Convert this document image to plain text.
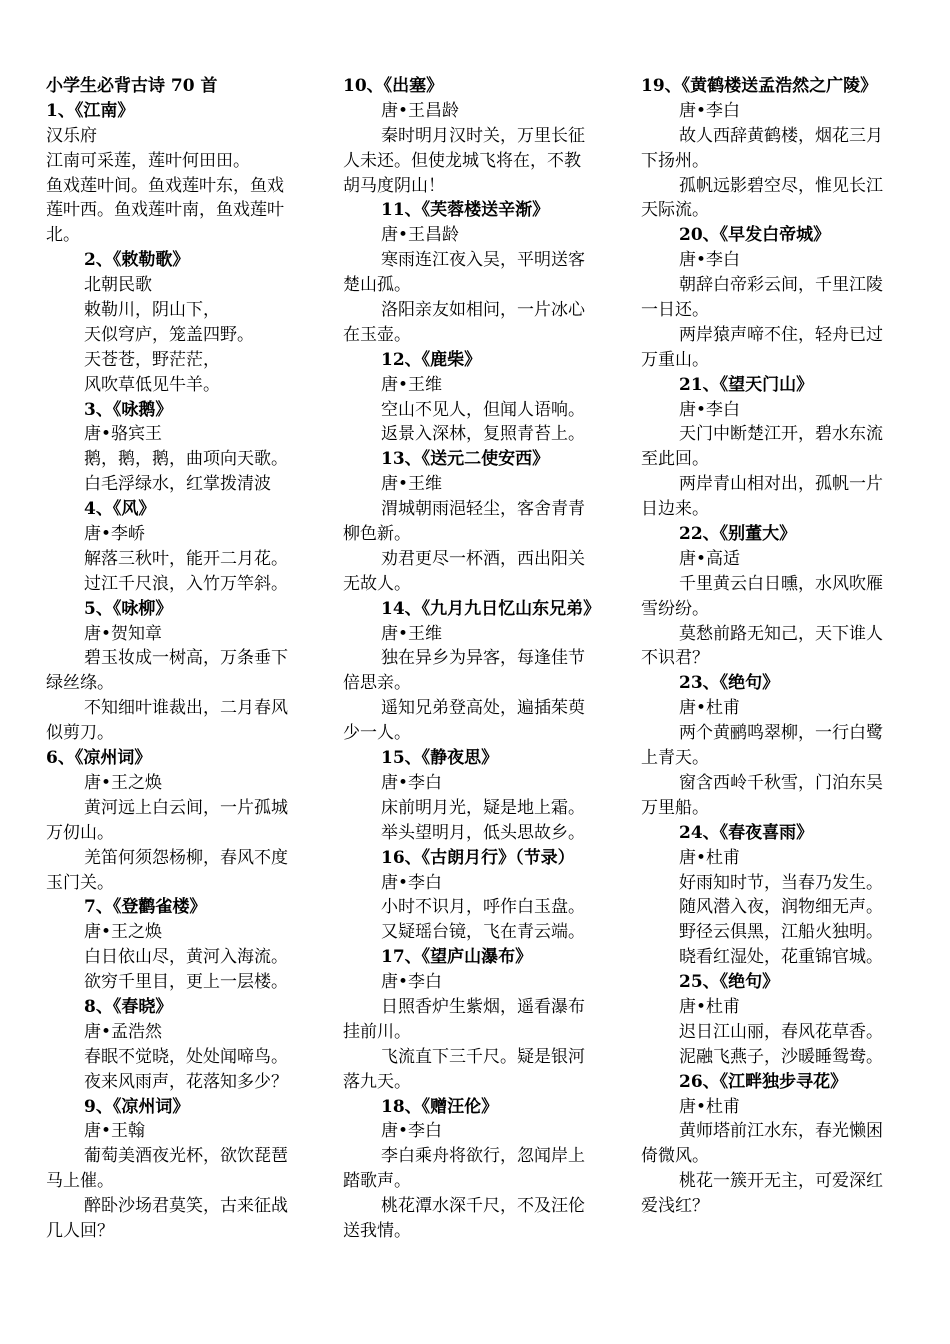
小学生必背古诗 70 首
1、《江南》
汉乐府
江南可采莲，莲叶何田田。
鱼戏莲叶间。鱼戏莲叶东，鱼戏
莲叶西。鱼戏莲叶南，鱼戏莲叶
北。
2、《敕勒歌》
北朝民歌
敕勒川，阴山下，
天似穹庐，笼盖四野。
天苍苍，野茫茫，
风吹草低见牛羊。
3、《咏鹅》
唐•骆宾王
鹅，鹅，鹅，曲项向天歌。
白毛浮绿水，红掌拨清波
4、《风》
唐•李峤
解落三秋叶，能开二月花。
过江千尺浪，入竹万竿斜。
5、《咏柳》
唐•贺知章
碧玉妆成一树高，万条垂下
绿丝绦。
不知细叶谁裁出，二月春风
似剪刀。
6、《凉州词》
唐•王之焕
黄河远上白云间，一片孤城
万仞山。
羌笛何须怨杨柳，春风不度
玉门关。
7、《登鹳雀楼》
唐•王之焕
白日依山尽，黄河入海流。
欲穷千里目，更上一层楼。
8、《春晓》
唐•孟浩然
春眠不觉晓，处处闻啼鸟。
夜来风雨声，花落知多少？
9、《凉州词》
唐•王翰
葡萄美酒夜光杯，欲饮琵琶
马上催。
醉卧沙场君莫笑，古来征战
几人回？
10、《出塞》
唐•王昌龄
秦时明月汉时关，万里长征
人未还。但使龙城飞将在，不教
胡马度阴山！
11、《芙蓉楼送辛渐》
唐•王昌龄
寒雨连江夜入吴，平明送客
楚山孤。
洛阳亲友如相问，一片冰心
在玉壶。
12、《鹿柴》
唐•王维
空山不见人，但闻人语响。
返景入深林，复照青苔上。
13、《送元二使安西》
唐•王维
渭城朝雨浥轻尘，客舍青青
柳色新。
劝君更尽一杯酒，西出阳关
无故人。
14、《九月九日忆山东兄弟》
唐•王维
独在异乡为异客，每逢佳节
倍思亲。
遥知兄弟登高处，遍插茱萸
少一人。
15、《静夜思》
唐•李白
床前明月光，疑是地上霜。
举头望明月，低头思故乡。
16、《古朗月行》（节录）
唐•李白
小时不识月，呼作白玉盘。
又疑瑶台镜，飞在青云端。
17、《望庐山瀑布》
唐•李白
日照香炉生紫烟，遥看瀑布
挂前川。
飞流直下三千尺。疑是银河
落九天。
18、《赠汪伦》
唐•李白
李白乘舟将欲行，忽闻岸上
踏歌声。
桃花潭水深千尺，不及汪伦
送我情。
19、《黄鹤楼送孟浩然之广陵》
唐•李白
故人西辞黄鹤楼，烟花三月
下扬州。
孤帆远影碧空尽，惟见长江
天际流。
20、《早发白帝城》
唐•李白
朝辞白帝彩云间，千里江陵
一日还。
两岸猿声啼不住，轻舟已过
万重山。
21、《望天门山》
唐•李白
天门中断楚江开，碧水东流
至此回。
两岸青山相对出，孤帆一片
日边来。
22、《别董大》
唐•高适
千里黄云白日曛，水风吹雁
雪纷纷。
莫愁前路无知己，天下谁人
不识君？
23、《绝句》
唐•杜甫
两个黄鹂鸣翠柳，一行白鹭
上青天。
窗含西岭千秋雪，门泊东吴
万里船。
24、《春夜喜雨》
唐•杜甫
好雨知时节，当春乃发生。
随风潜入夜，润物细无声。
野径云俱黑，江船火独明。
晓看红湿处，花重锦官城。
25、《绝句》
唐•杜甫
迟日江山丽，春风花草香。
泥融飞燕子，沙暖睡鸳鸯。
26、《江畔独步寻花》
唐•杜甫
黄师塔前江水东，春光懒困
倚微风。
桃花一簇开无主，可爱深红
爱浅红？
